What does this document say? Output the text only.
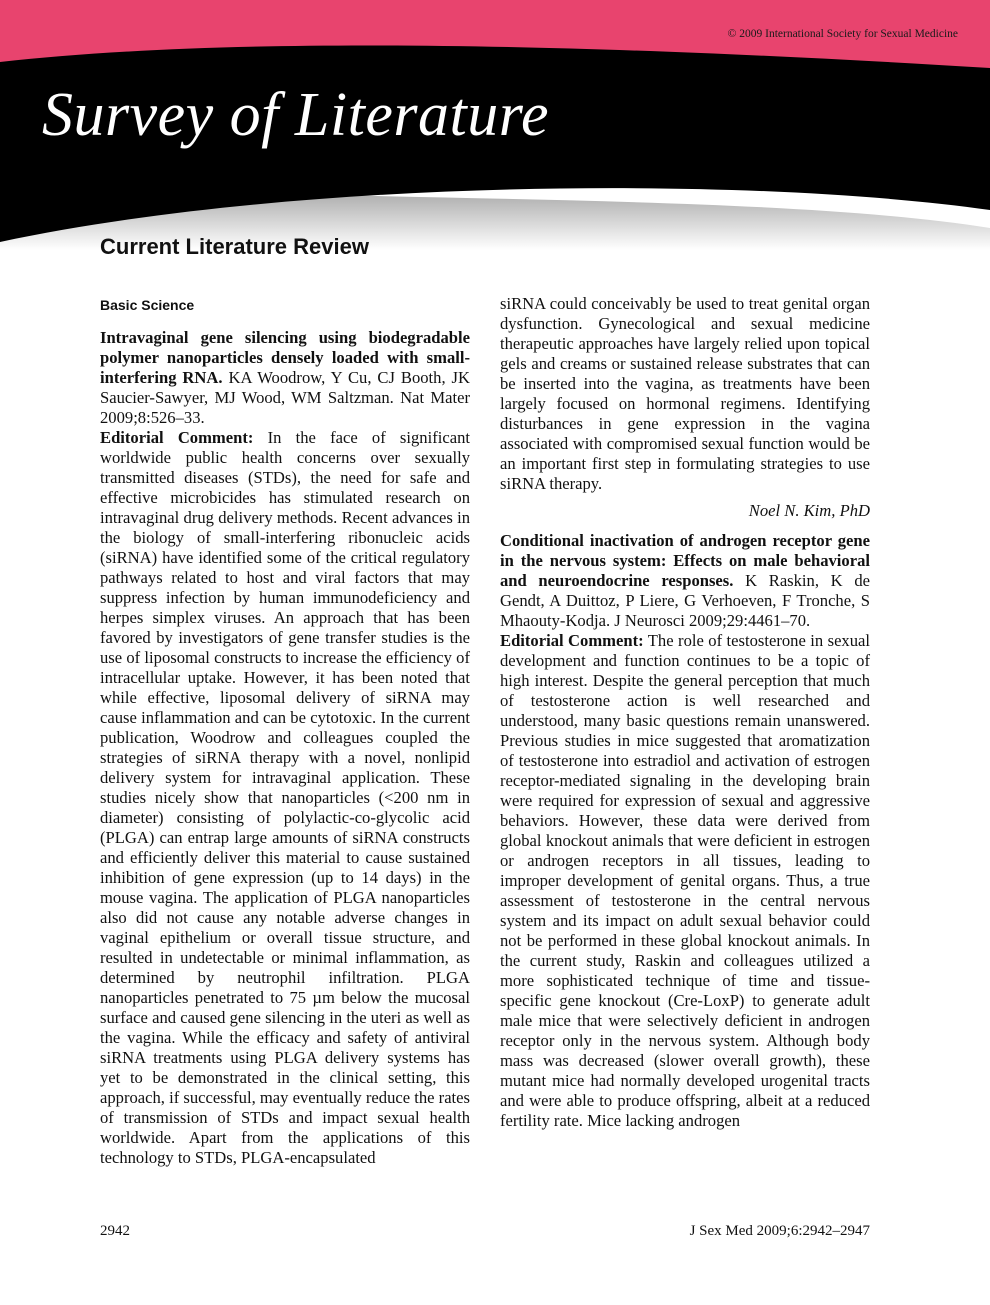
© 2009 International Society for Sexual Medicine
Survey of Literature
Current Literature Review
Basic Science

Intravaginal gene silencing using biodegradable polymer nanoparticles densely loaded with small-interfering RNA. KA Woodrow, Y Cu, CJ Booth, JK Saucier-Sawyer, MJ Wood, WM Saltzman. Nat Mater 2009;8:526–33.

Editorial Comment: In the face of significant worldwide public health concerns over sexually transmitted diseases (STDs), the need for safe and effective microbicides has stimulated research on intravaginal drug delivery methods. Recent advances in the biology of small-interfering ribonucleic acids (siRNA) have identified some of the critical regulatory pathways related to host and viral factors that may suppress infection by human immunodeficiency and herpes simplex viruses. An approach that has been favored by investigators of gene transfer studies is the use of liposomal constructs to increase the efficiency of intracellular uptake. However, it has been noted that while effective, liposomal delivery of siRNA may cause inflammation and can be cytotoxic. In the current publication, Woodrow and colleagues coupled the strategies of siRNA therapy with a novel, nonlipid delivery system for intravaginal application. These studies nicely show that nanoparticles (<200 nm in diameter) consisting of polylactic-co-glycolic acid (PLGA) can entrap large amounts of siRNA constructs and efficiently deliver this material to cause sustained inhibition of gene expression (up to 14 days) in the mouse vagina. The application of PLGA nanoparticles also did not cause any notable adverse changes in vaginal epithelium or overall tissue structure, and resulted in undetectable or minimal inflammation, as determined by neutrophil infiltration. PLGA nanoparticles penetrated to 75 µm below the mucosal surface and caused gene silencing in the uteri as well as the vagina. While the efficacy and safety of antiviral siRNA treatments using PLGA delivery systems has yet to be demonstrated in the clinical setting, this approach, if successful, may eventually reduce the rates of transmission of STDs and impact sexual health worldwide. Apart from the applications of this technology to STDs, PLGA-encapsulated

siRNA could conceivably be used to treat genital organ dysfunction. Gynecological and sexual medicine therapeutic approaches have largely relied upon topical gels and creams or sustained release substrates that can be inserted into the vagina, as treatments have been largely focused on hormonal regimens. Identifying disturbances in gene expression in the vagina associated with compromised sexual function would be an important first step in formulating strategies to use siRNA therapy.

Noel N. Kim, PhD

Conditional inactivation of androgen receptor gene in the nervous system: Effects on male behavioral and neuroendocrine responses. K Raskin, K de Gendt, A Duittoz, P Liere, G Verhoeven, F Tronche, S Mhaouty-Kodja. J Neurosci 2009;29:4461–70.

Editorial Comment: The role of testosterone in sexual development and function continues to be a topic of high interest. Despite the general perception that much of testosterone action is well researched and understood, many basic questions remain unanswered. Previous studies in mice suggested that aromatization of testosterone into estradiol and activation of estrogen receptor-mediated signaling in the developing brain were required for expression of sexual and aggressive behaviors. However, these data were derived from global knockout animals that were deficient in estrogen or androgen receptors in all tissues, leading to improper development of genital organs. Thus, a true assessment of testosterone in the central nervous system and its impact on adult sexual behavior could not be performed in these global knockout animals. In the current study, Raskin and colleagues utilized a more sophisticated technique of time and tissue-specific gene knockout (Cre-LoxP) to generate adult male mice that were selectively deficient in androgen receptor only in the nervous system. Although body mass was decreased (slower overall growth), these mutant mice had normally developed urogenital tracts and were able to produce offspring, albeit at a reduced fertility rate. Mice lacking androgen

2942	J Sex Med 2009;6:2942–2947
